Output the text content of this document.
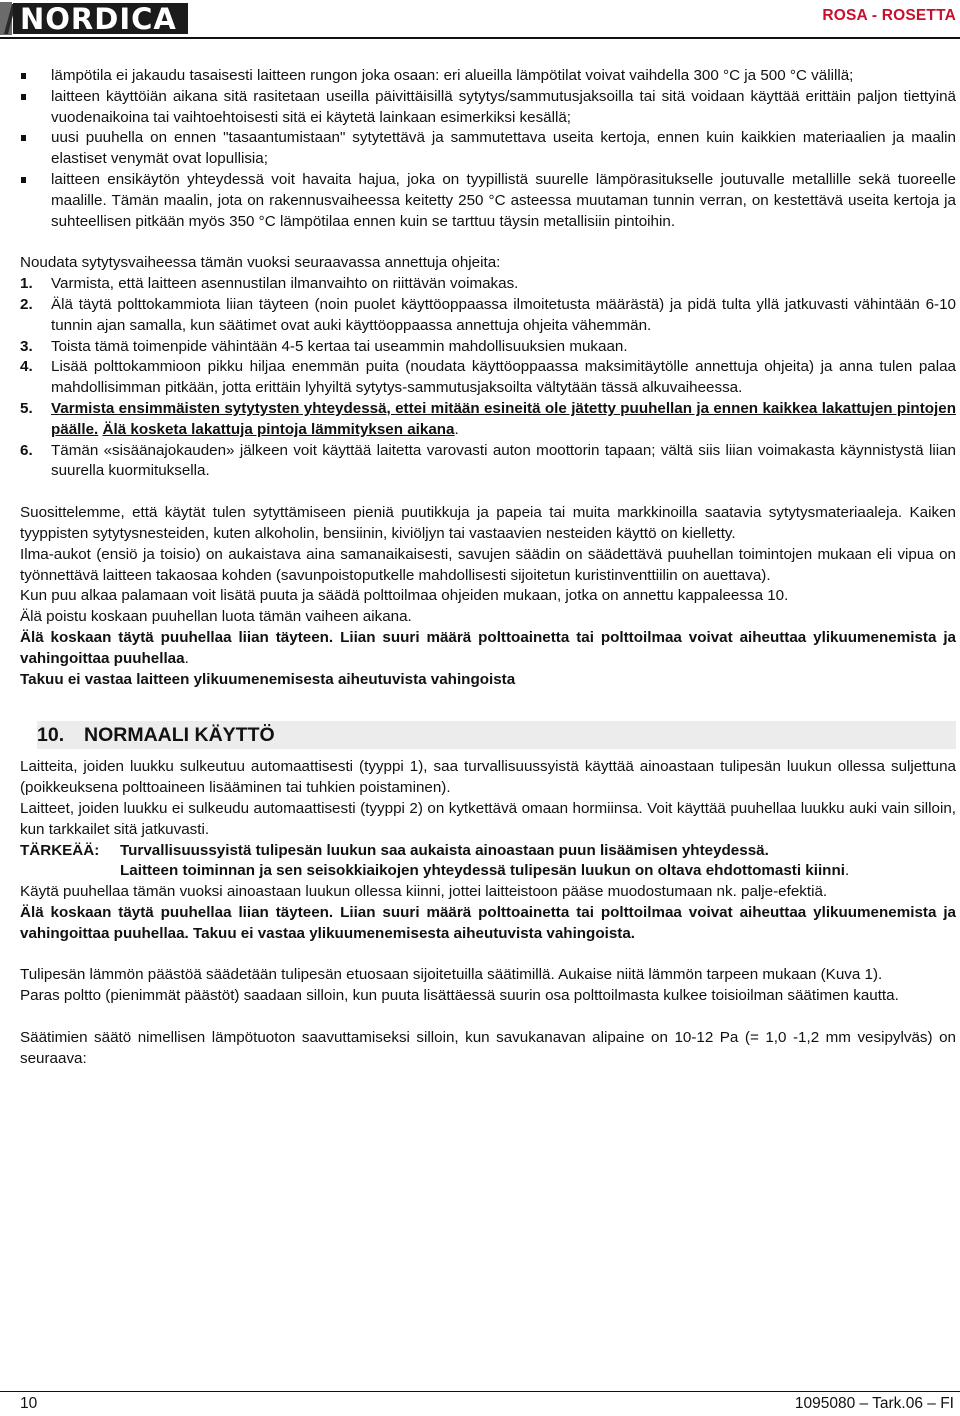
NORDICA	ROSA - ROSETTA
lämpötila ei jakaudu tasaisesti laitteen rungon joka osaan: eri alueilla lämpötilat voivat vaihdella 300 °C ja 500 °C välillä;
laitteen käyttöiän aikana sitä rasitetaan useilla päivittäisillä sytytys/sammutusjaksoilla tai sitä voidaan käyttää erittäin paljon tiettyinä vuodenaikoina tai vaihtoehtoisesti sitä ei käytetä lainkaan esimerkiksi kesällä;
uusi puuhella on ennen "tasaantumistaan" sytytettävä ja sammutettava useita kertoja, ennen kuin kaikkien materiaalien ja maalin elastiset venymät ovat lopullisia;
laitteen ensikäytön yhteydessä voit havaita hajua, joka on tyypillistä suurelle lämpörasitukselle joutuvalle metallille sekä tuoreelle maalille. Tämän maalin, jota on rakennusvaiheessa keitetty 250 °C asteessa muutaman tunnin verran, on kestettävä useita kertoja ja suhteellisen pitkään myös 350 °C lämpötilaa ennen kuin se tarttuu täysin metallisiin pintoihin.

Noudata sytytysvaiheessa tämän vuoksi seuraavassa annettuja ohjeita:

1. Varmista, että laitteen asennustilan ilmanvaihto on riittävän voimakas.
2. Älä täytä polttokammiota liian täyteen (noin puolet käyttöoppaassa ilmoitetusta määrästä) ja pidä tulta yllä jatkuvasti vähintään 6-10 tunnin ajan samalla, kun säätimet ovat auki käyttöoppaassa annettuja ohjeita vähemmän.
3. Toista tämä toimenpide vähintään 4-5 kertaa tai useammin mahdollisuuksien mukaan.
4. Lisää polttokammioon pikku hiljaa enemmän puita (noudata käyttöoppaassa maksimitäytölle annettuja ohjeita) ja anna tulen palaa mahdollisimman pitkään, jotta erittäin lyhyiltä sytytys-sammutusjaksoilta vältytään tässä alkuvaiheessa.
5. Varmista ensimmäisten sytytysten yhteydessä, ettei mitään esineitä ole jätetty puuhellan ja ennen kaikkea lakattujen pintojen päälle. Älä kosketa lakattuja pintoja lämmityksen aikana.
6. Tämän «sisäänajokauden» jälkeen voit käyttää laitetta varovasti auton moottorin tapaan; vältä siis liian voimakasta käynnistystä liian suurella kuormituksella.

Suosittelemme, että käytät tulen sytyttämiseen pieniä puutikkuja ja papeia tai muita markkinoilla saatavia sytytysmateriaaleja. Kaiken tyyppisten sytytysnesteiden, kuten alkoholin, bensiinin, kiviöljyn tai vastaavien nesteiden käyttö on kielletty.

Ilma-aukot (ensiö ja toisio) on aukaistava aina samanaikaisesti, savujen säädin on säädettävä puuhellan toimintojen mukaan eli vipua on työnnettävä laitteen takaosaa kohden (savunpoistoputkelle mahdollisesti sijoitetun kuristinventtiilin on auettava).

Kun puu alkaa palamaan voit lisätä puuta ja säädä polttoilmaa ohjeiden mukaan, jotka on annettu kappaleessa 10.

Älä poistu koskaan puuhellan luota tämän vaiheen aikana.

Älä koskaan täytä puuhellaa liian täyteen. Liian suuri määrä polttoainetta tai polttoilmaa voivat aiheuttaa ylikuumenemista ja vahingoittaa puuhellaa.

Takuu ei vastaa laitteen ylikuumenemisesta aiheutuvista vahingoista

10. NORMAALI KÄYTTÖ

Laitteita, joiden luukku sulkeutuu automaattisesti (tyyppi 1), saa turvallisuussyistä käyttää ainoastaan tulipesän luukun ollessa suljettuna (poikkeuksena polttoaineen lisääminen tai tuhkien poistaminen).

Laitteet, joiden luukku ei sulkeudu automaattisesti (tyyppi 2) on kytkettävä omaan hormiinsa. Voit käyttää puuhellaa luukku auki vain silloin, kun tarkkailet sitä jatkuvasti.

TÄRKEÄÄ:	Turvallisuussyistä tulipesän luukun saa aukaista ainoastaan puun lisäämisen yhteydessä.
Laitteen toiminnan ja sen seisokkiaikojen yhteydessä tulipesän luukun on oltava ehdottomasti kiinni.

Käytä puuhellaa tämän vuoksi ainoastaan luukun ollessa kiinni, jottei laitteistoon pääse muodostumaan nk. palje-efektiä.

Älä koskaan täytä puuhellaa liian täyteen. Liian suuri määrä polttoainetta tai polttoilmaa voivat aiheuttaa ylikuumenemista ja vahingoittaa puuhellaa. Takuu ei vastaa ylikuumenemisesta aiheutuvista vahingoista.

Tulipesän lämmön päästöä säädetään tulipesän etuosaan sijoitetuilla säätimillä. Aukaise niitä lämmön tarpeen mukaan (Kuva 1).

Paras poltto (pienimmät päästöt) saadaan silloin, kun puuta lisättäessä suurin osa polttoilmasta kulkee toisioilman säätimen kautta.

Säätimien säätö nimellisen lämpötuoton saavuttamiseksi silloin, kun savukanavan alipaine on 10-12 Pa (= 1,0 -1,2 mm vesipylväs) on seuraava:

10	1095080 – Tark.06 – FI
